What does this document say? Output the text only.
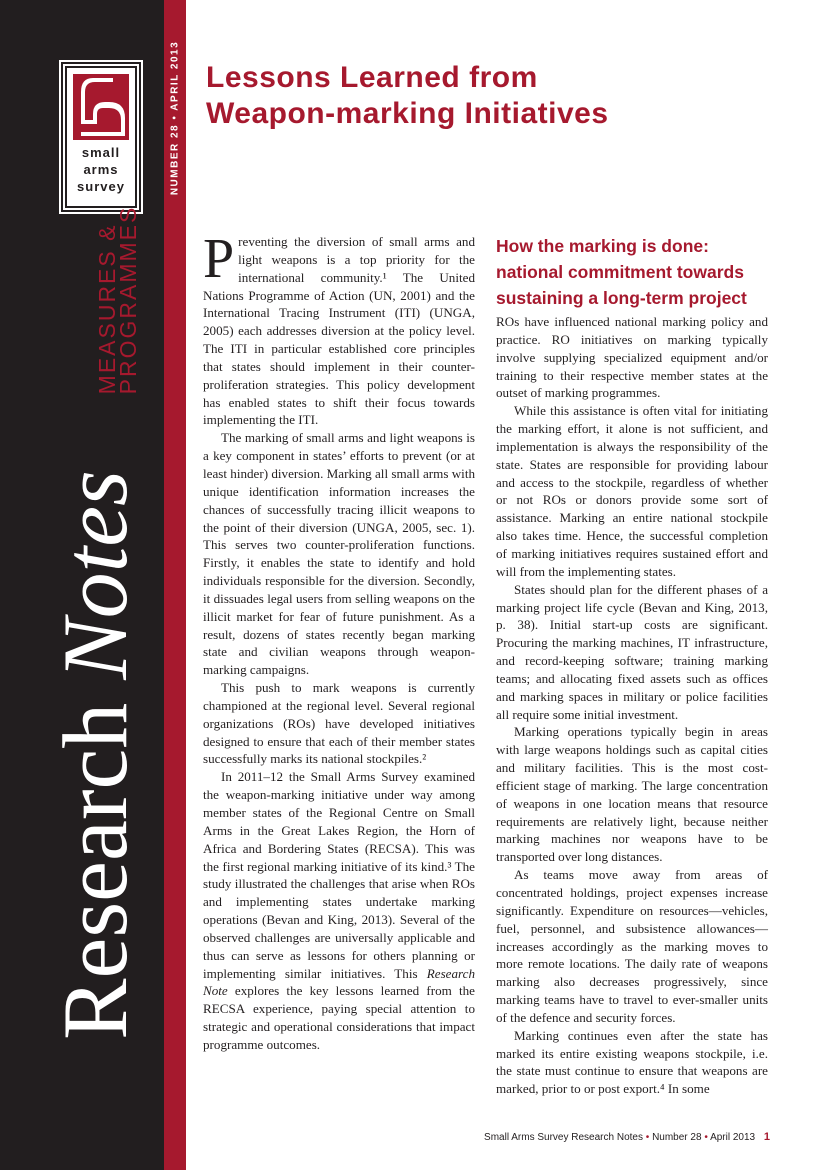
small
arms
survey
MEASURES &
PROGRAMMES
Research Notes
NUMBER 28 • APRIL 2013 Lessons Learned from
Weapon-marking Initiatives

Preventing the diversion of small arms and light weapons is a top priority for the international community.¹ The United Nations Programme of Action (UN, 2001) and the International Tracing Instrument (ITI) (UNGA, 2005) each addresses diversion at the policy level. The ITI in particular established core principles that states should implement in their counter-proliferation strategies. This policy development has enabled states to shift their focus towards implementing the ITI.

The marking of small arms and light weapons is a key component in states’ efforts to prevent (or at least hinder) diversion. Marking all small arms with unique identification information increases the chances of successfully tracing illicit weapons to the point of their diversion (UNGA, 2005, sec. 1). This serves two counter-proliferation functions. Firstly, it enables the state to identify and hold individuals responsible for the diversion. Secondly, it dissuades legal users from selling weapons on the illicit market for fear of future punishment. As a result, dozens of states recently began marking state and civilian weapons through weapon-marking campaigns.

This push to mark weapons is currently championed at the regional level. Several regional organizations (ROs) have developed initiatives designed to ensure that each of their member states successfully marks its national stockpiles.²

In 2011–12 the Small Arms Survey examined the weapon-marking initiative under way among member states of the Regional Centre on Small Arms in the Great Lakes Region, the Horn of Africa and Bordering States (RECSA). This was the first regional marking initiative of its kind.³ The study illustrated the challenges that arise when ROs and implementing states undertake marking operations (Bevan and King, 2013). Several of the observed challenges are universally applicable and thus can serve as lessons for others planning or implementing similar initiatives. This Research Note explores the key lessons learned from the RECSA experience, paying special attention to strategic and operational considerations that impact programme outcomes.

How the marking is done: national commitment towards sustaining a long-term project

ROs have influenced national marking policy and practice. RO initiatives on marking typically involve supplying specialized equipment and/or training to their respective member states at the outset of marking programmes.

While this assistance is often vital for initiating the marking effort, it alone is not sufficient, and implementation is always the responsibility of the state. States are responsible for providing labour and access to the stockpile, regardless of whether or not ROs or donors provide some sort of assistance. Marking an entire national stockpile also takes time. Hence, the successful completion of marking initiatives requires sustained effort and will from the implementing states.

States should plan for the different phases of a marking project life cycle (Bevan and King, 2013, p. 38). Initial start-up costs are significant. Procuring the marking machines, IT infrastructure, and record-keeping software; training marking teams; and allocating fixed assets such as offices and marking spaces in military or police facilities all require some initial investment.

Marking operations typically begin in areas with large weapons holdings such as capital cities and military facilities. This is the most cost-efficient stage of marking. The large concentration of weapons in one location means that resource requirements are relatively light, because neither marking machines nor weapons have to be transported over long distances.

As teams move away from areas of concentrated holdings, project expenses increase significantly. Expenditure on resources—vehicles, fuel, personnel, and subsistence allowances—increases accordingly as the marking moves to more remote locations. The daily rate of weapons marking also decreases progressively, since marking teams have to travel to ever-smaller units of the defence and security forces.

Marking continues even after the state has marked its entire existing weapons stockpile, i.e. the state must continue to ensure that weapons are marked, prior to or post export.⁴ In some

Small Arms Survey Research Notes • Number 28 • April 2013 1
